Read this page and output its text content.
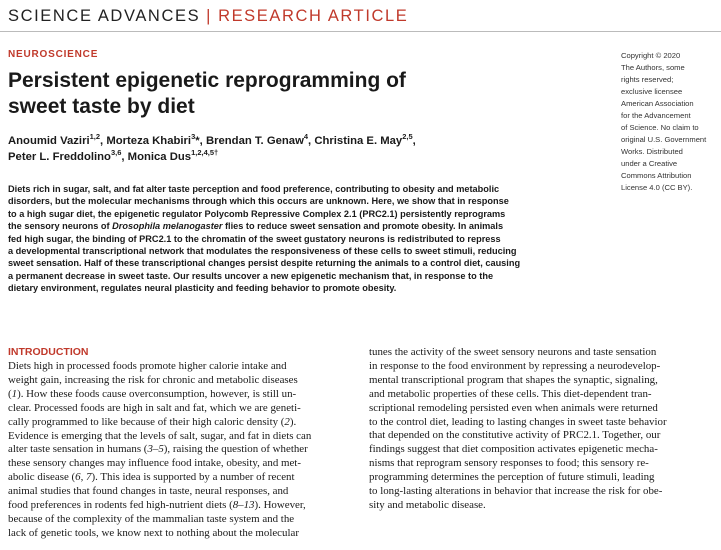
SCIENCE ADVANCES | RESEARCH ARTICLE
NEUROSCIENCE
Persistent epigenetic reprogramming of
sweet taste by diet
Anoumid Vaziri$^{1,2}$, Morteza Khabiri$^3$*, Brendan T. Genaw$^4$, Christina E. May$^{2,5}$,
Peter L. Freddolino$^{3,6}$, Monica Dus$^{1,2,4,5\dagger}$
Copyright © 2020
The Authors, some
rights reserved;
exclusive licensee
American Association
for the Advancement
of Science. No claim to
original U.S. Government
Works. Distributed
under a Creative
Commons Attribution
License 4.0 (CC BY).
Diets rich in sugar, salt, and fat alter taste perception and food preference, contributing to obesity and metabolic
disorders, but the molecular mechanisms through which this occurs are unknown. Here, we show that in response
to a high sugar diet, the epigenetic regulator Polycomb Repressive Complex 2.1 (PRC2.1) persistently reprograms
the sensory neurons of Drosophila melanogaster flies to reduce sweet sensation and promote obesity. In animals
fed high sugar, the binding of PRC2.1 to the chromatin of the sweet gustatory neurons is redistributed to repress
a developmental transcriptional network that modulates the responsiveness of these cells to sweet stimuli, reducing
sweet sensation. Half of these transcriptional changes persist despite returning the animals to a control diet, causing
a permanent decrease in sweet taste. Our results uncover a new epigenetic mechanism that, in response to the
dietary environment, regulates neural plasticity and feeding behavior to promote obesity.
INTRODUCTION
Diets high in processed foods promote higher calorie intake and
weight gain, increasing the risk for chronic and metabolic diseases
(1). How these foods cause overconsumption, however, is still un-
clear. Processed foods are high in salt and fat, which we are geneti-
cally programmed to like because of their high caloric density (2).
Evidence is emerging that the levels of salt, sugar, and fat in diets can
alter taste sensation in humans (3–5), raising the question of whether
these sensory changes may influence food intake, obesity, and met-
abolic disease (6, 7). This idea is supported by a number of recent
animal studies that found changes in taste, neural responses, and
food preferences in rodents fed high-nutrient diets (8–13). However,
because of the complexity of the mammalian taste system and the
lack of genetic tools, we know next to nothing about the molecular
tunes the activity of the sweet sensory neurons and taste sensation
in response to the food environment by repressing a neurodevelop-
mental transcriptional program that shapes the synaptic, signaling,
and metabolic properties of these cells. This diet-dependent tran-
scriptional remodeling persisted even when animals were returned
to the control diet, leading to lasting changes in sweet taste behavior
that depended on the constitutive activity of PRC2.1. Together, our
findings suggest that diet composition activates epigenetic mecha-
nisms that reprogram sensory responses to food; this sensory re-
programming determines the perception of future stimuli, leading
to long-lasting alterations in behavior that increase the risk for obe-
sity and metabolic disease.
